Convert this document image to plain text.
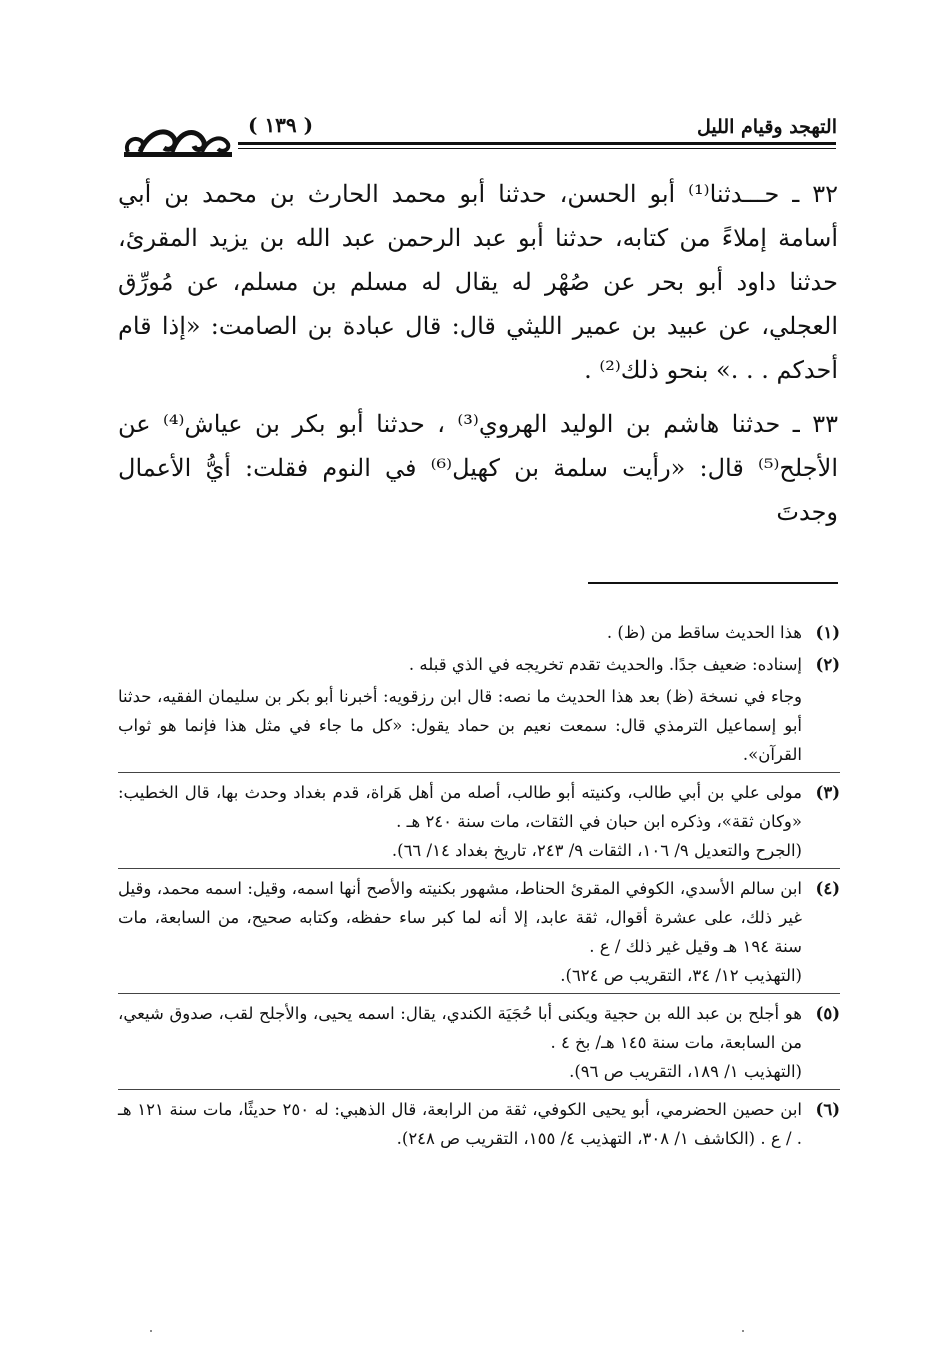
التهجد وقيام الليل
( ١٣٩ )

٣٢ ـ حـــدثنا⁽¹⁾ أبو الحسن، حدثنا أبو محمد الحارث بن محمد بن أبي أسامة إملاءً من كتابه، حدثنا أبو عبد الرحمن عبد الله بن يزيد المقرئ، حدثنا داود أبو بحر عن صُهْر له يقال له مسلم بن مسلم، عن مُورِّق العجلي، عن عبيد بن عمير الليثي قال: قال عبادة بن الصامت: «إذا قام أحدكم . . .» بنحو ذلك⁽²⁾ .

٣٣ ـ حدثنا هاشم بن الوليد الهروي⁽³⁾ ، حدثنا أبو بكر بن عياش⁽⁴⁾ عن الأجلح⁽⁵⁾ قال: «رأيت سلمة بن كهيل⁽⁶⁾ في النوم فقلت: أيُّ الأعمال وجدتَ

(١)
هذا الحديث ساقط من (ظ) .
(٢)
إسناده: ضعيف جدًا. والحديث تقدم تخريجه في الذي قبله .
وجاء في نسخة (ظ) بعد هذا الحديث ما نصه: قال ابن رزقويه: أخبرنا أبو بكر بن سليمان الفقيه، حدثنا أبو إسماعيل الترمذي قال: سمعت نعيم بن حماد يقول: «كل ما جاء في مثل هذا فإنما هو ثواب القرآن».
(٣)
مولى علي بن أبي طالب، وكنيته أبو طالب، أصله من أهل هَراة، قدم بغداد وحدث بها، قال الخطيب: «وكان ثقة»، وذكره ابن حبان في الثقات، مات سنة ٢٤٠ هـ .
(الجرح والتعديل ٩/ ١٠٦، الثقات ٩/ ٢٤٣، تاريخ بغداد ١٤/ ٦٦).
(٤)
ابن سالم الأسدي، الكوفي المقرئ الحناط، مشهور بكنيته والأصح أنها اسمه، وقيل: اسمه محمد، وقيل غير ذلك، على عشرة أقوال، ثقة عابد، إلا أنه لما كبر ساء حفظه، وكتابه صحيح، من السابعة، مات سنة ١٩٤ هـ وقيل غير ذلك / ع .
(التهذيب ١٢/ ٣٤، التقريب ص ٦٢٤).
(٥)
هو أجلح بن عبد الله بن حجية ويكنى أبا حُجَيَة الكندي، يقال: اسمه يحيى، والأجلح لقب، صدوق شيعي، من السابعة، مات سنة ١٤٥ هـ/ بخ ٤ .
(التهذيب ١/ ١٨٩، التقريب ص ٩٦).
(٦)
ابن حصين الحضرمي، أبو يحيى الكوفي، ثقة من الرابعة، قال الذهبي: له ٢٥٠ حديثًا، مات سنة ١٢١ هـ . / ع . (الكاشف ١/ ٣٠٨، التهذيب ٤/ ١٥٥، التقريب ص ٢٤٨).
